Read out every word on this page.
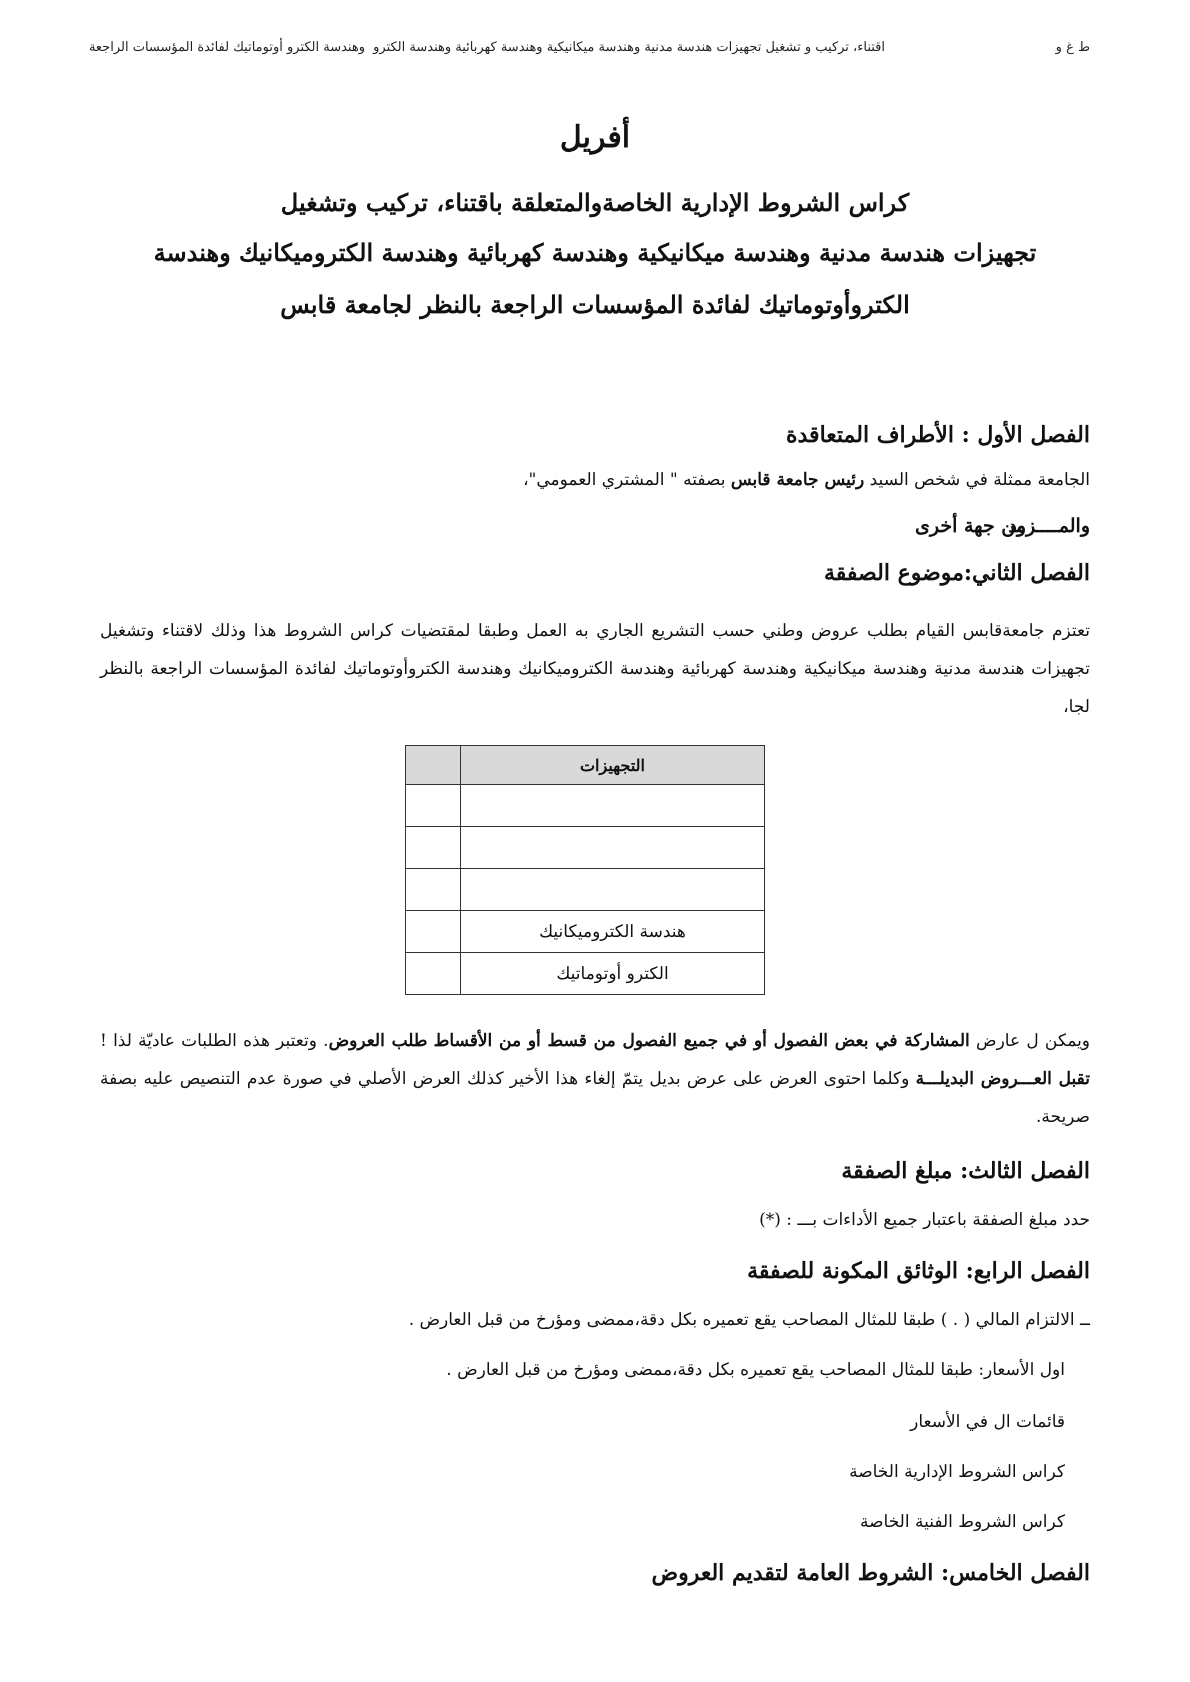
ط غ و
اقتناء، تركيب و تشغيل تجهيزات هندسة مدنية وهندسة ميكانيكية وهندسة كهربائية وهندسة الكترو
وهندسة الكترو أوتوماتيك لفائدة المؤسسات الراجعة
أفريل
كراس الشروط الإدارية الخاصةوالمتعلقة باقتناء، تركيب وتشغيل
تجهيزات هندسة مدنية وهندسة ميكانيكية وهندسة كهربائية وهندسة الكتروميكانيك وهندسة
الكتروأوتوماتيك لفائدة المؤسسات الراجعة بالنظر لجامعة قابس
الفصل الأول : الأطراف المتعاقدة
الجامعة ممثلة في شخص السيد رئيس جامعة قابس بصفته " المشتري العمومي"،
والمــــزود
من جهة أخرى
الفصل الثاني:موضوع الصفقة
تعتزم جامعةقابس القيام بطلب عروض وطني حسب التشريع الجاري به العمل وطبقا لمقتضيات كراس الشروط هذا وذلك لاقتناء وتشغيل تجهيزات هندسة مدنية وهندسة ميكانيكية وهندسة كهربائية وهندسة الكتروميكانيك وهندسة الكتروأوتوماتيك لفائدة المؤسسات الراجعة بالنظر لجا،
التجهيزات	

هندسة الكتروميكانيك	
الكترو أوتوماتيك	
ويمكن ل عارض المشاركة في بعض الفصول أو في جميع الفصول من قسط أو من الأقساط طلب العروض. وتعتبر هذه الطلبات عاديّة لذا ! تقبل العـــروض البديلـــة وكلما احتوى العرض على عرض بديل يتمّ إلغاء هذا الأخير كذلك العرض الأصلي في صورة عدم التنصيص عليه بصفة صريحة.
الفصل الثالث: مبلغ الصفقة
حدد مبلغ الصفقة باعتبار جميع الأداءات بـــ : (*)
الفصل الرابع: الوثائق المكونة للصفقة
ــ الالتزام المالي ( . ) طبقا للمثال المصاحب يقع تعميره بكل دقة،ممضى ومؤرخ من قبل العارض .
اول الأسعار: طبقا للمثال المصاحب يقع تعميره بكل دقة،ممضى ومؤرخ من قبل العارض .
قائمات ال في الأسعار
كراس الشروط الإدارية الخاصة
كراس الشروط الفنية الخاصة
الفصل الخامس: الشروط العامة لتقديم العروض
